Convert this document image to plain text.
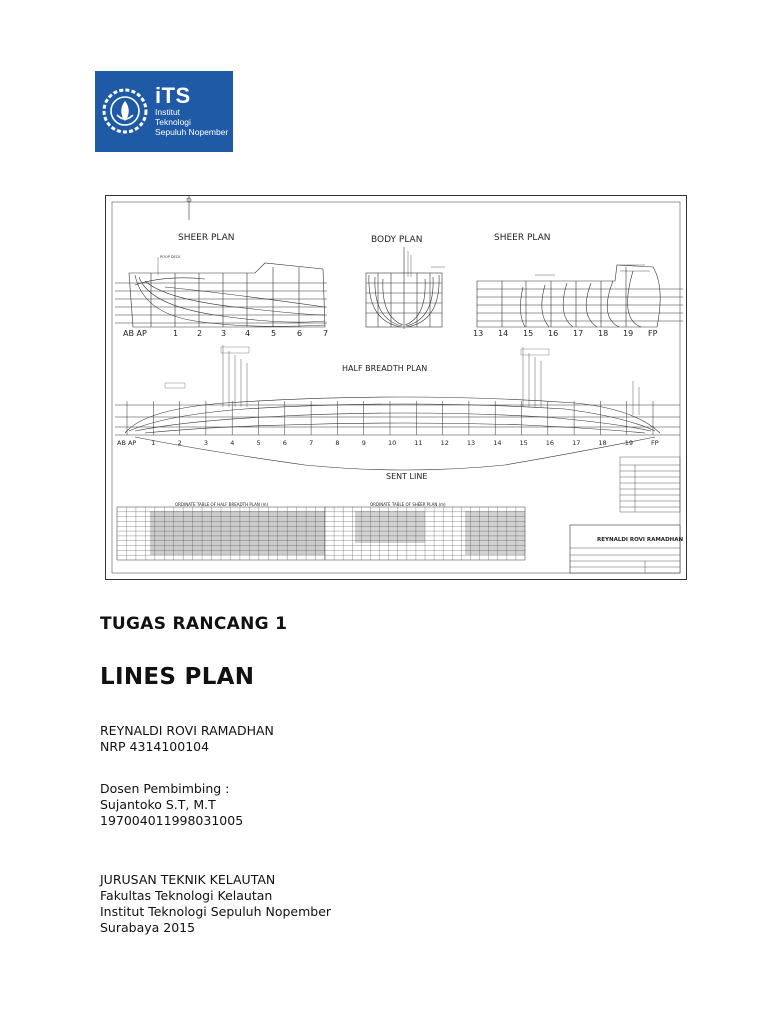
iTS
Institut
Teknologi
Sepuluh Nopember
SHEER PLAN	BODY PLAN	SHEER PLAN
HALF BREADTH PLAN
SENT LINE
POOP DECK
AB AP	1 2 3 4	5	6	7	13 14 15 16 17 18 19 FP
AB AP 1	2	3	4	5	6	7	8	9	10	11	12	13	14	15	16	17	18	19	FP
ORDINATE TABLE OF HALF BREADTH PLAN (m)	ORDINATE TABLE OF SHEER PLAN (m)
REYNALDI ROVI RAMADHAN
TUGAS RANCANG 1
LINES PLAN
REYNALDI ROVI RAMADHAN
NRP 4314100104
Dosen Pembimbing :
Sujantoko S.T, M.T
197004011998031005
JURUSAN TEKNIK KELAUTAN
Fakultas Teknologi Kelautan
Institut Teknologi Sepuluh Nopember
Surabaya 2015
